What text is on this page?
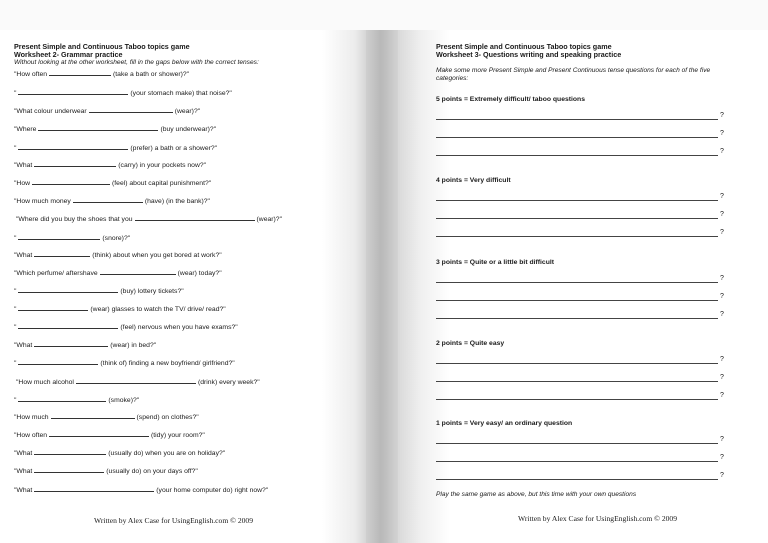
Present Simple and Continuous Taboo topics game
Worksheet 2- Grammar practice
Without looking at the other worksheet, fill in the gaps below with the correct tenses:
"How often	(take a bath or shower)?"
"	(your stomach make) that noise?"
"What colour underwear	(wear)?"
"Where	(buy underwear)?"
"	(prefer) a bath or a shower?"
"What	(carry) in your pockets now?"
"How	(feel) about capital punishment?"
"How much money	(have) (in the bank)?"
"Where did you buy the shoes that you	(wear)?"
"	(snore)?"
"What	(think) about when you get bored at work?"
"Which perfume/ aftershave	(wear) today?"
"	(buy) lottery tickets?"
"	(wear) glasses to watch the TV/ drive/ read?"
"	(feel) nervous when you have exams?"
"What	(wear) in bed?"
"	(think of) finding a new boyfriend/ girlfriend?"
"How much alcohol	(drink) every week?"
"	(smoke)?"
"How much	(spend) on clothes?"
"How often	(tidy) your room?"
"What	(usually do) when you are on holiday?"
"What	(usually do) on your days off?"
"What	(your home computer do) right now?"
Written by Alex Case for UsingEnglish.com © 2009
Present Simple and Continuous Taboo topics game
Worksheet 3- Questions writing and speaking practice
Make some more Present Simple and Present Continuous tense questions for each of the five
categories:
5 points = Extremely difficult/ taboo questions
?
?
?
4 points = Very difficult
?
?
?
3 points = Quite or a little bit difficult
?
?
?
2 points = Quite easy
?
?
?
1 points = Very easy/ an ordinary question
?
?
?
Play the same game as above, but this time with your own questions
Written by Alex Case for UsingEnglish.com © 2009
